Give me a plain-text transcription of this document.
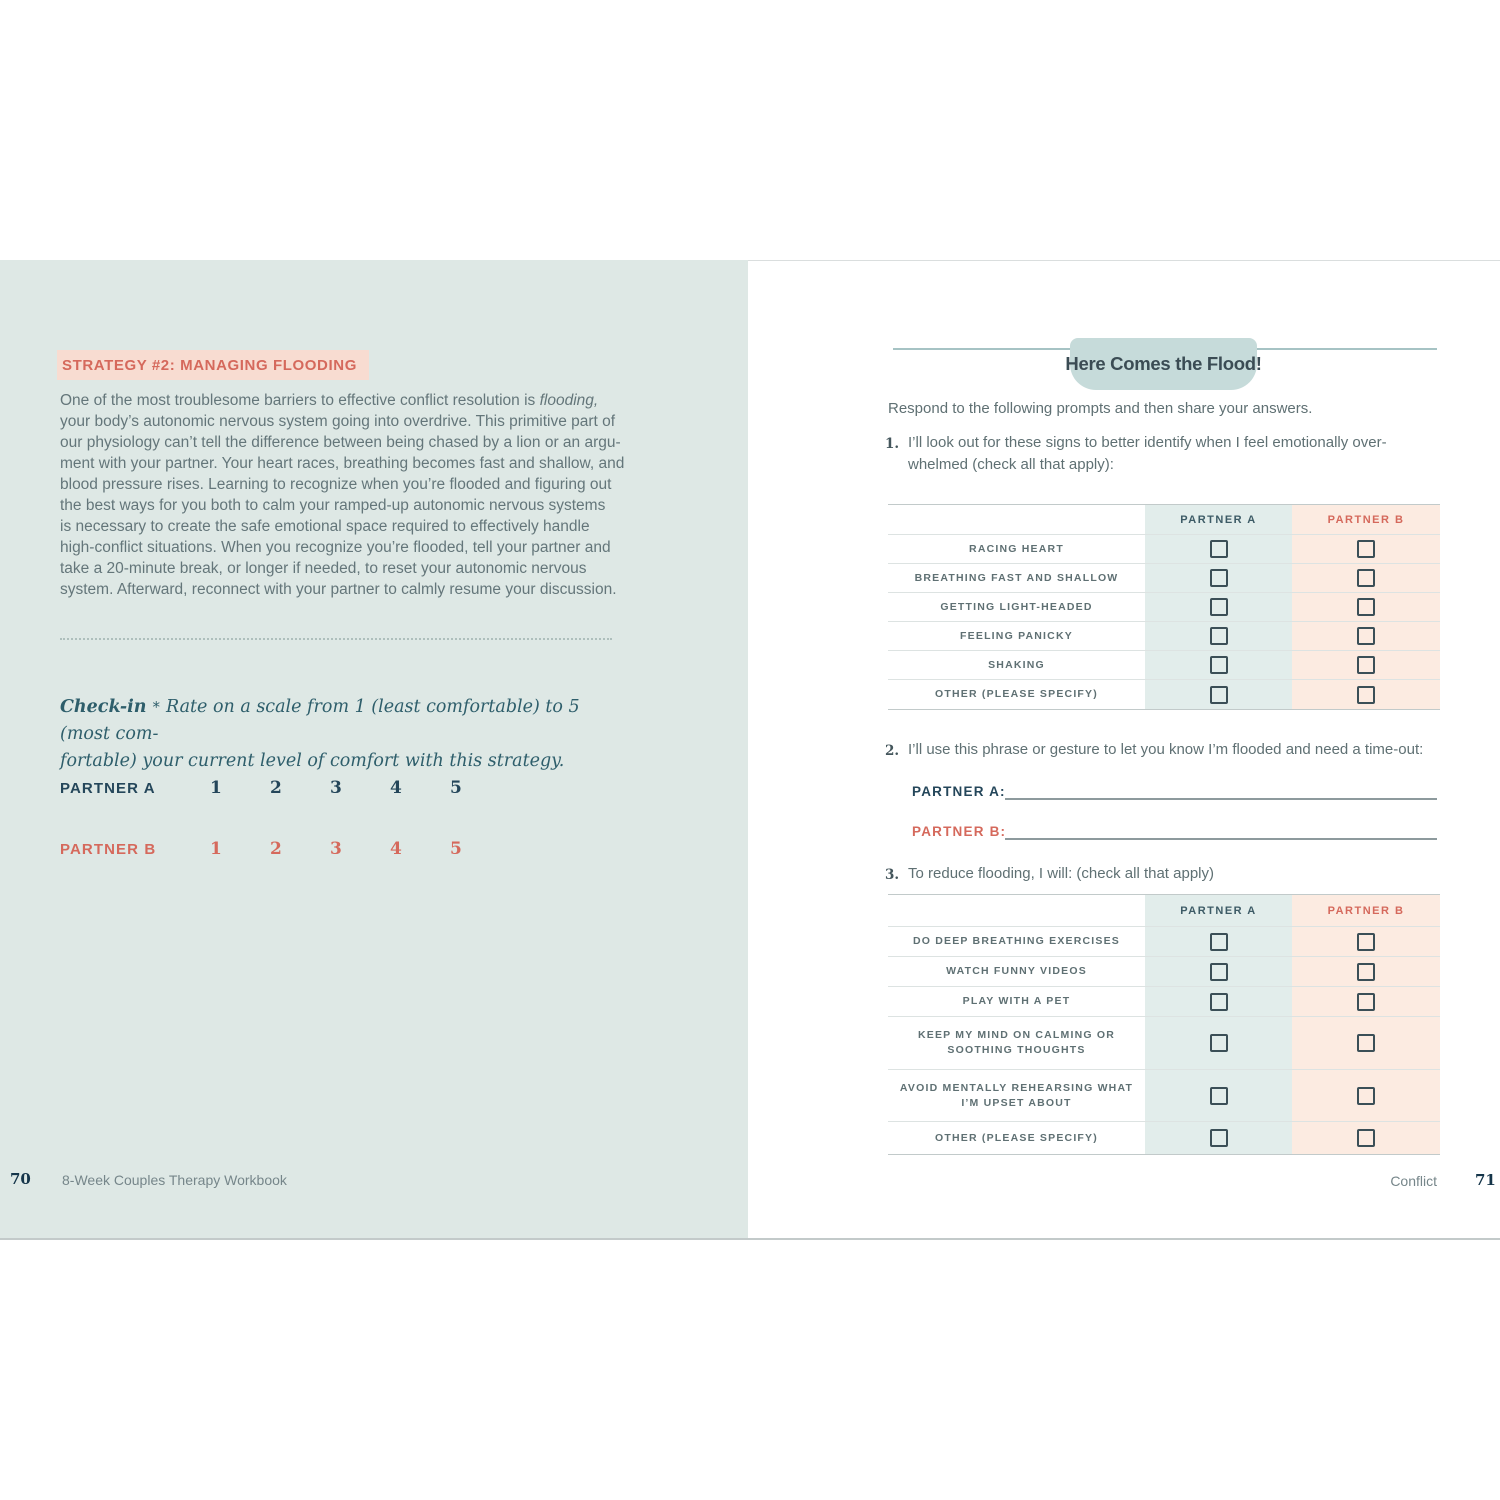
STRATEGY #2: MANAGING FLOODING
One of the most troublesome barriers to effective conflict resolution is flooding,
your body’s autonomic nervous system going into overdrive. This primitive part of
our physiology can’t tell the difference between being chased by a lion or an argu-
ment with your partner. Your heart races, breathing becomes fast and shallow, and
blood pressure rises. Learning to recognize when you’re flooded and figuring out
the best ways for you both to calm your ramped-up autonomic nervous systems
is necessary to create the safe emotional space required to effectively handle
high-conflict situations. When you recognize you’re flooded, tell your partner and
take a 20-minute break, or longer if needed, to reset your autonomic nervous
system. Afterward, reconnect with your partner to calmly resume your discussion.
Check-in * Rate on a scale from 1 (least comfortable) to 5 (most com-
fortable) your current level of comfort with this strategy.
PARTNER A	1	2	3	4	5
PARTNER B	1	2	3	4	5
70 8-Week Couples Therapy Workbook
Here Comes the Flood!
Respond to the following prompts and then share your answers.
1. I’ll look out for these signs to better identify when I feel emotionally over-
whelmed (check all that apply):
PARTNER A	PARTNER B
RACING HEART
BREATHING FAST AND SHALLOW
GETTING LIGHT-HEADED
FEELING PANICKY
SHAKING
OTHER (PLEASE SPECIFY)
2. I’ll use this phrase or gesture to let you know I’m flooded and need a time-out:
PARTNER A:
PARTNER B:
3. To reduce flooding, I will: (check all that apply)
PARTNER A	PARTNER B
DO DEEP BREATHING EXERCISES
WATCH FUNNY VIDEOS
PLAY WITH A PET
KEEP MY MIND ON CALMING OR SOOTHING THOUGHTS
AVOID MENTALLY REHEARSING WHAT I’M UPSET ABOUT
OTHER (PLEASE SPECIFY)
Conflict	71
